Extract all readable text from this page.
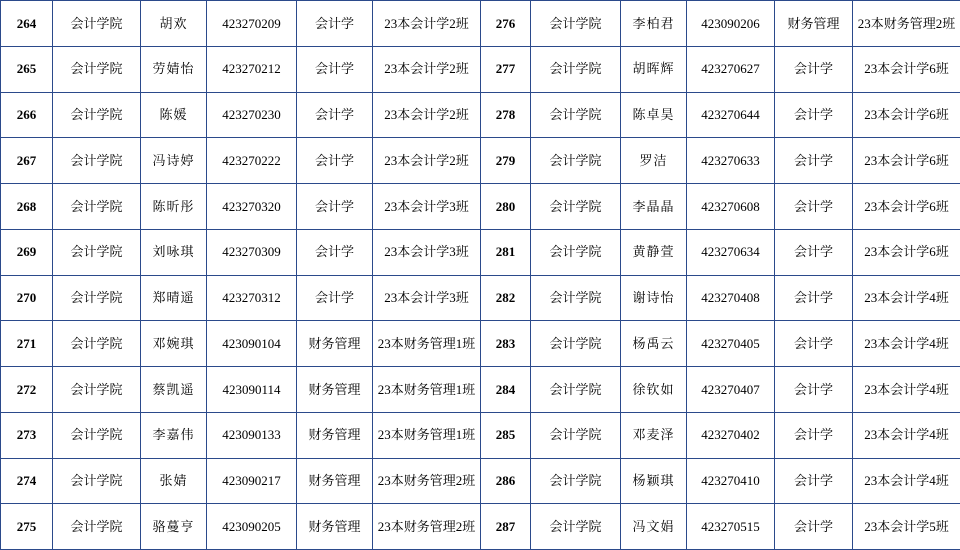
264	会计学院	胡欢	423270209	会计学	23本会计学2班
265	会计学院	劳婧怡	423270212	会计学	23本会计学2班
266	会计学院	陈媛	423270230	会计学	23本会计学2班
267	会计学院	冯诗婷	423270222	会计学	23本会计学2班
268	会计学院	陈昕彤	423270320	会计学	23本会计学3班
269	会计学院	刘咏琪	423270309	会计学	23本会计学3班
270	会计学院	郑晴遥	423270312	会计学	23本会计学3班
271	会计学院	邓婉琪	423090104	财务管理	23本财务管理1班
272	会计学院	蔡凯遥	423090114	财务管理	23本财务管理1班
273	会计学院	李嘉伟	423090133	财务管理	23本财务管理1班
274	会计学院	张婧	423090217	财务管理	23本财务管理2班
275	会计学院	骆蔓亨	423090205	财务管理	23本财务管理2班
276	会计学院	李柏君	423090206	财务管理	23本财务管理2班
277	会计学院	胡晖辉	423270627	会计学	23本会计学6班
278	会计学院	陈卓昊	423270644	会计学	23本会计学6班
279	会计学院	罗洁	423270633	会计学	23本会计学6班
280	会计学院	李晶晶	423270608	会计学	23本会计学6班
281	会计学院	黄静萱	423270634	会计学	23本会计学6班
282	会计学院	谢诗怡	423270408	会计学	23本会计学4班
283	会计学院	杨禹云	423270405	会计学	23本会计学4班
284	会计学院	徐钦如	423270407	会计学	23本会计学4班
285	会计学院	邓麦泽	423270402	会计学	23本会计学4班
286	会计学院	杨颖琪	423270410	会计学	23本会计学4班
287	会计学院	冯文娟	423270515	会计学	23本会计学5班
